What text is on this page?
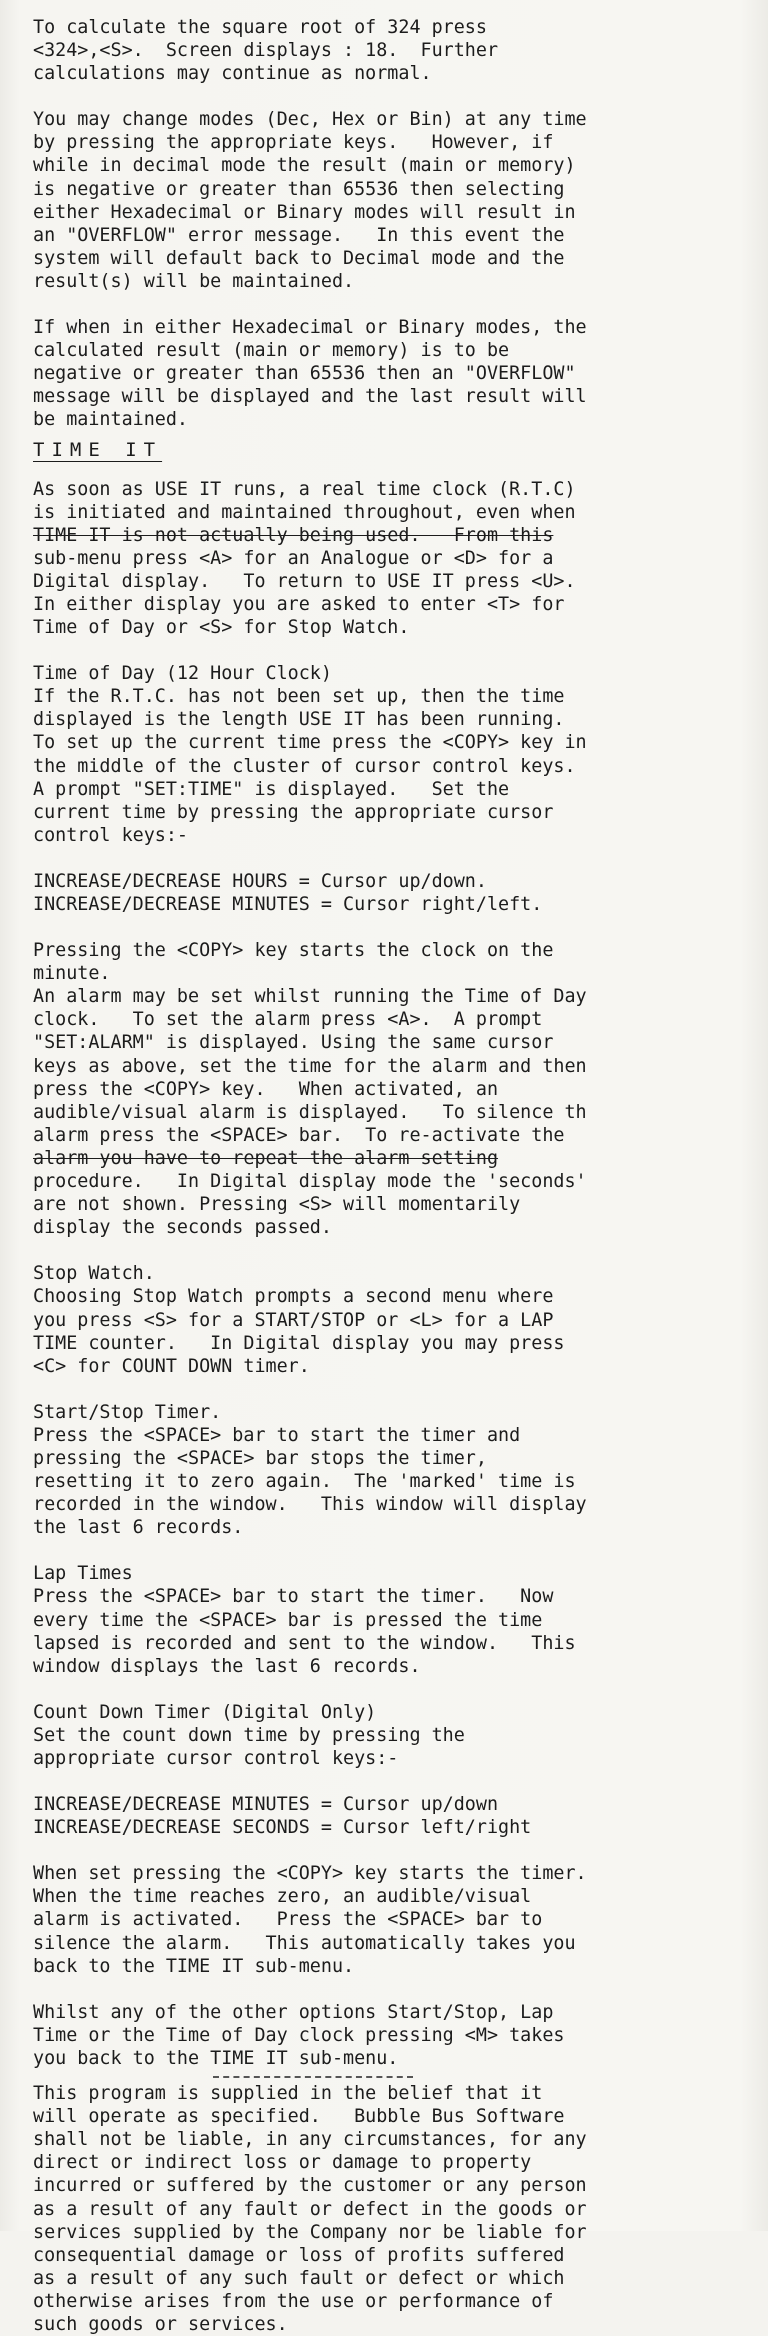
To calculate the square root of 324 press
<324>,<S>.  Screen displays : 18.  Further
calculations may continue as normal.
You may change modes (Dec, Hex or Bin) at any time
by pressing the appropriate keys.   However, if
while in decimal mode the result (main or memory)
is negative or greater than 65536 then selecting
either Hexadecimal or Binary modes will result in
an "OVERFLOW" error message.   In this event the
system will default back to Decimal mode and the
result(s) will be maintained.
If when in either Hexadecimal or Binary modes, the
calculated result (main or memory) is to be
negative or greater than 65536 then an "OVERFLOW"
message will be displayed and the last result will
be maintained.
TIME IT
As soon as USE IT runs, a real time clock (R.T.C)
is initiated and maintained throughout, even when
TIME IT is not actually being used.   From this
sub-menu press <A> for an Analogue or <D> for a
Digital display.   To return to USE IT press <U>.
In either display you are asked to enter <T> for
Time of Day or <S> for Stop Watch.
Time of Day (12 Hour Clock)
If the R.T.C. has not been set up, then the time
displayed is the length USE IT has been running.
To set up the current time press the <COPY> key in
the middle of the cluster of cursor control keys.
A prompt "SET:TIME" is displayed.   Set the
current time by pressing the appropriate cursor
control keys:-
INCREASE/DECREASE HOURS = Cursor up/down.
INCREASE/DECREASE MINUTES = Cursor right/left.
Pressing the <COPY> key starts the clock on the
minute.
An alarm may be set whilst running the Time of Day
clock.   To set the alarm press <A>.  A prompt
"SET:ALARM" is displayed. Using the same cursor
keys as above, set the time for the alarm and then
press the <COPY> key.   When activated, an
audible/visual alarm is displayed.   To silence th
alarm press the <SPACE> bar.  To re-activate the
alarm you have to repeat the alarm setting
procedure.   In Digital display mode the 'seconds'
are not shown. Pressing <S> will momentarily
display the seconds passed.
Stop Watch.
Choosing Stop Watch prompts a second menu where
you press <S> for a START/STOP or <L> for a LAP
TIME counter.   In Digital display you may press
<C> for COUNT DOWN timer.
Start/Stop Timer.
Press the <SPACE> bar to start the timer and
pressing the <SPACE> bar stops the timer,
resetting it to zero again.  The 'marked' time is
recorded in the window.   This window will display
the last 6 records.
Lap Times
Press the <SPACE> bar to start the timer.   Now
every time the <SPACE> bar is pressed the time
lapsed is recorded and sent to the window.   This
window displays the last 6 records.
Count Down Timer (Digital Only)
Set the count down time by pressing the
appropriate cursor control keys:-
INCREASE/DECREASE MINUTES = Cursor up/down
INCREASE/DECREASE SECONDS = Cursor left/right
When set pressing the <COPY> key starts the timer.
When the time reaches zero, an audible/visual
alarm is activated.   Press the <SPACE> bar to
silence the alarm.   This automatically takes you
back to the TIME IT sub-menu.
Whilst any of the other options Start/Stop, Lap
Time or the Time of Day clock pressing <M> takes
you back to the TIME IT sub-menu.
This program is supplied in the belief that it
will operate as specified.   Bubble Bus Software
shall not be liable, in any circumstances, for any
direct or indirect loss or damage to property
incurred or suffered by the customer or any person
as a result of any fault or defect in the goods or
services supplied by the Company nor be liable for
consequential damage or loss of profits suffered
as a result of any such fault or defect or which
otherwise arises from the use or performance of
such goods or services.
